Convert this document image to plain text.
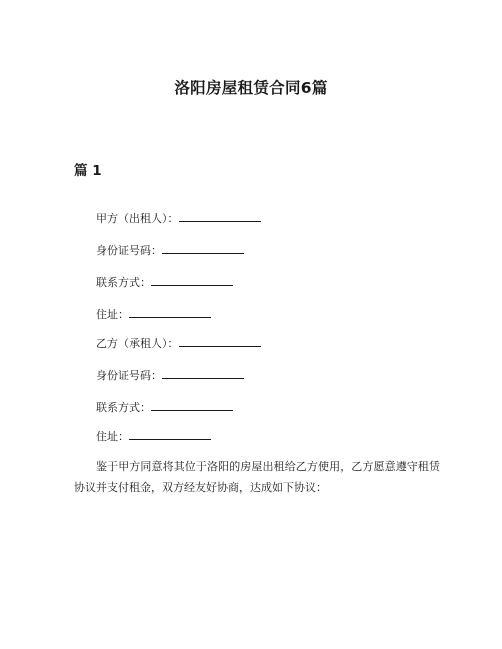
洛阳房屋租赁合同6篇
篇 1
甲方（出租人）：
身份证号码：
联系方式：
住址：
乙方（承租人）：
身份证号码：
联系方式：
住址：
鉴于甲方同意将其位于洛阳的房屋出租给乙方使用，乙方愿意遵守租赁协议并支付租金，双方经友好协商，达成如下协议：
